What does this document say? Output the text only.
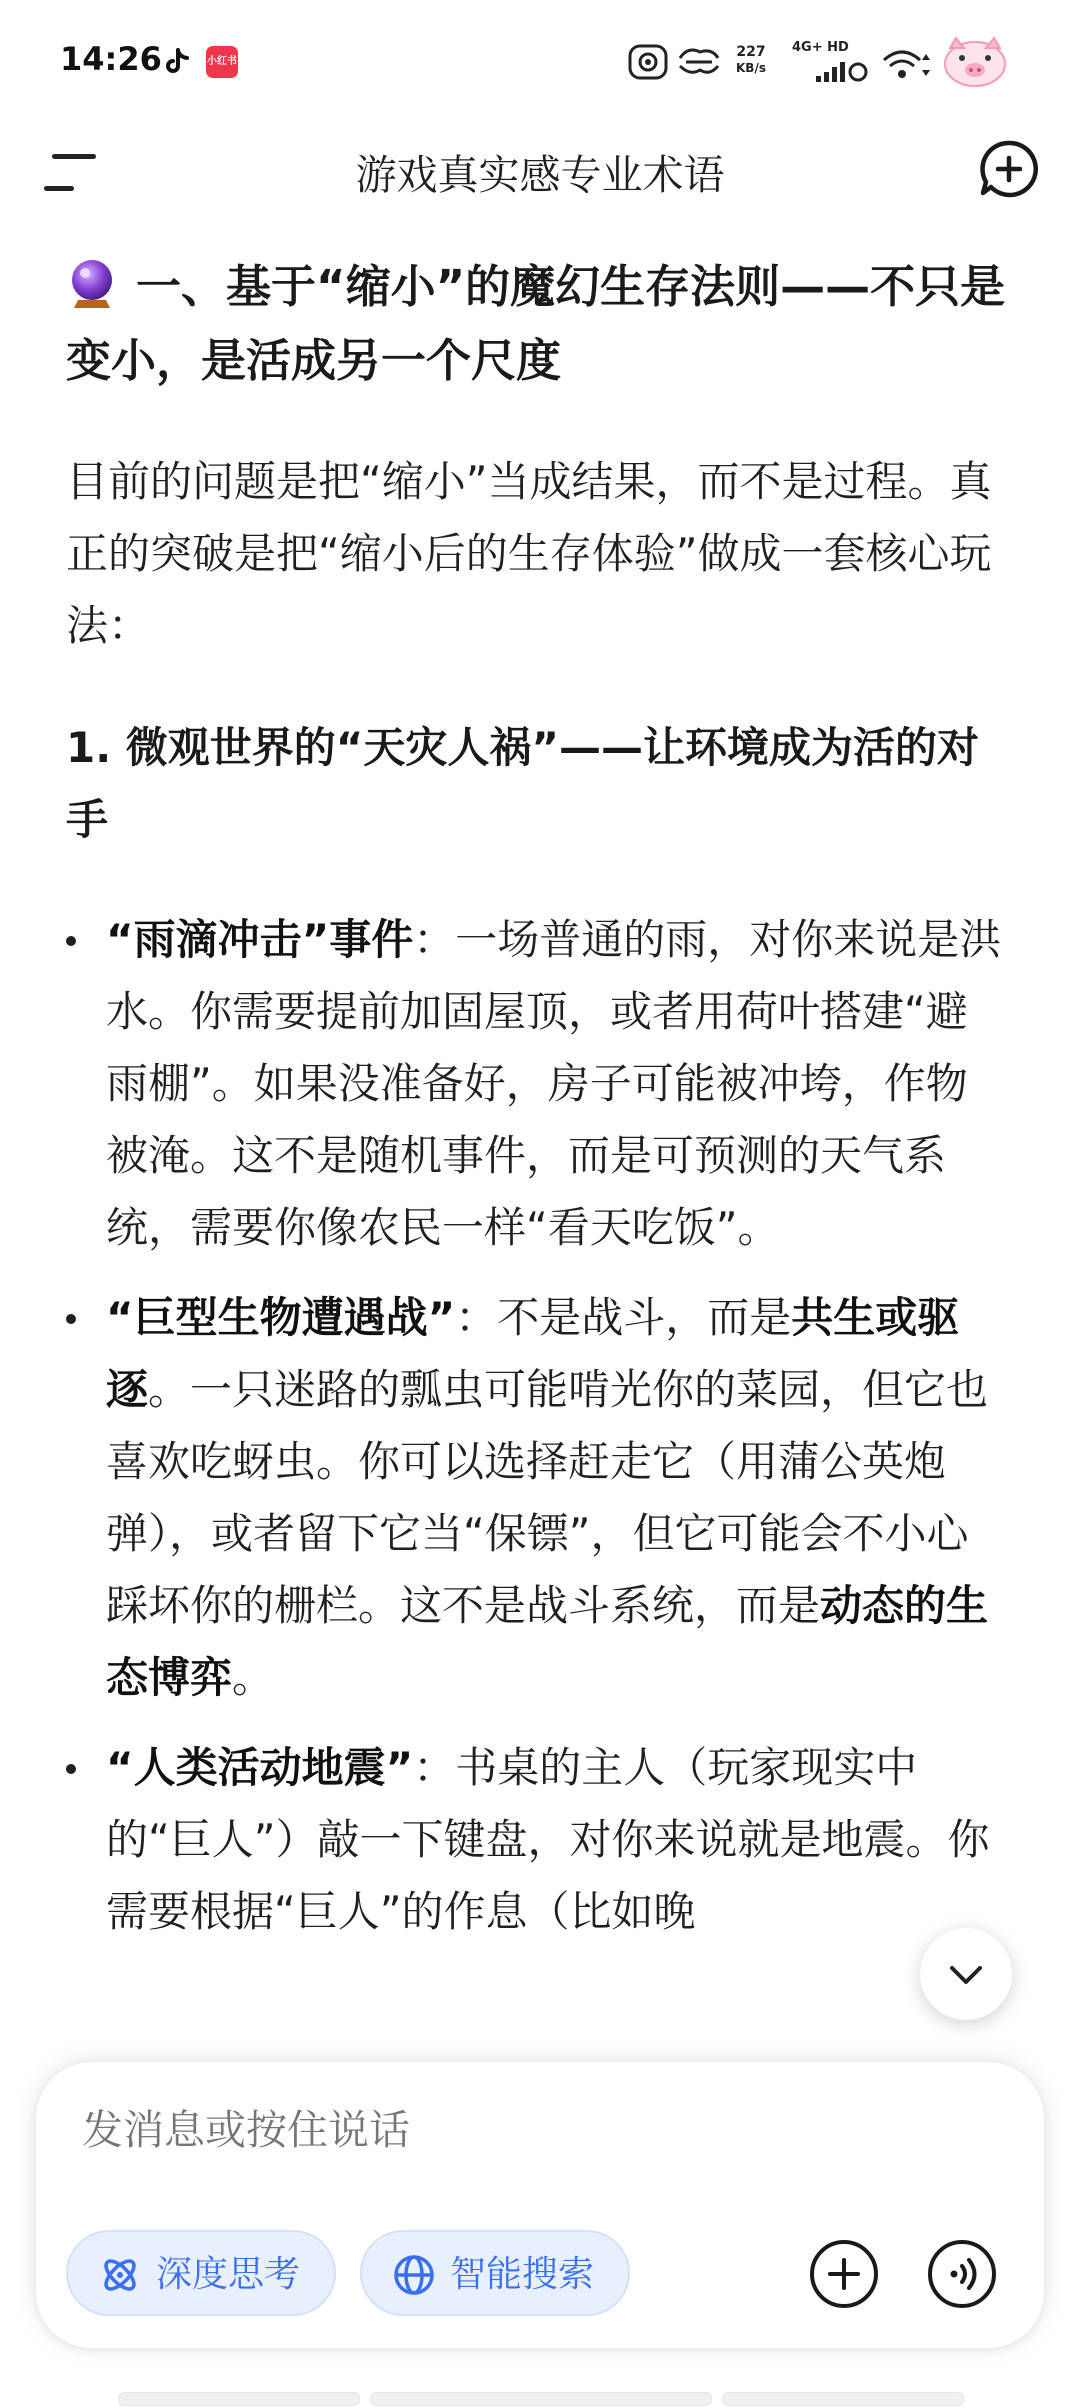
14:26	小红书
227
KB/s
4G+ HD
游戏真实感专业术语
一、基于“缩小”的魔幻生存法则——不只是变小，是活成另一个尺度
目前的问题是把“缩小”当成结果，而不是过程。真正的突破是把“缩小后的生存体验”做成一套核心玩法：
1. 微观世界的“天灾人祸”——让环境成为活的对手
“雨滴冲击”事件：一场普通的雨，对你来说是洪水。你需要提前加固屋顶，或者用荷叶搭建“避雨棚”。如果没准备好，房子可能被冲垮，作物被淹。这不是随机事件，而是可预测的天气系统，需要你像农民一样“看天吃饭”。
“巨型生物遭遇战”：不是战斗，而是共生或驱逐。一只迷路的瓢虫可能啃光你的菜园，但它也喜欢吃蚜虫。你可以选择赶走它（用蒲公英炮弹），或者留下它当“保镖”，但它可能会不小心踩坏你的栅栏。这不是战斗系统，而是动态的生态博弈。
“人类活动地震”：书桌的主人（玩家现实中的“巨人”）敲一下键盘，对你来说就是地震。你需要根据“巨人”的作息（比如晚
发消息或按住说话
深度思考	智能搜索
